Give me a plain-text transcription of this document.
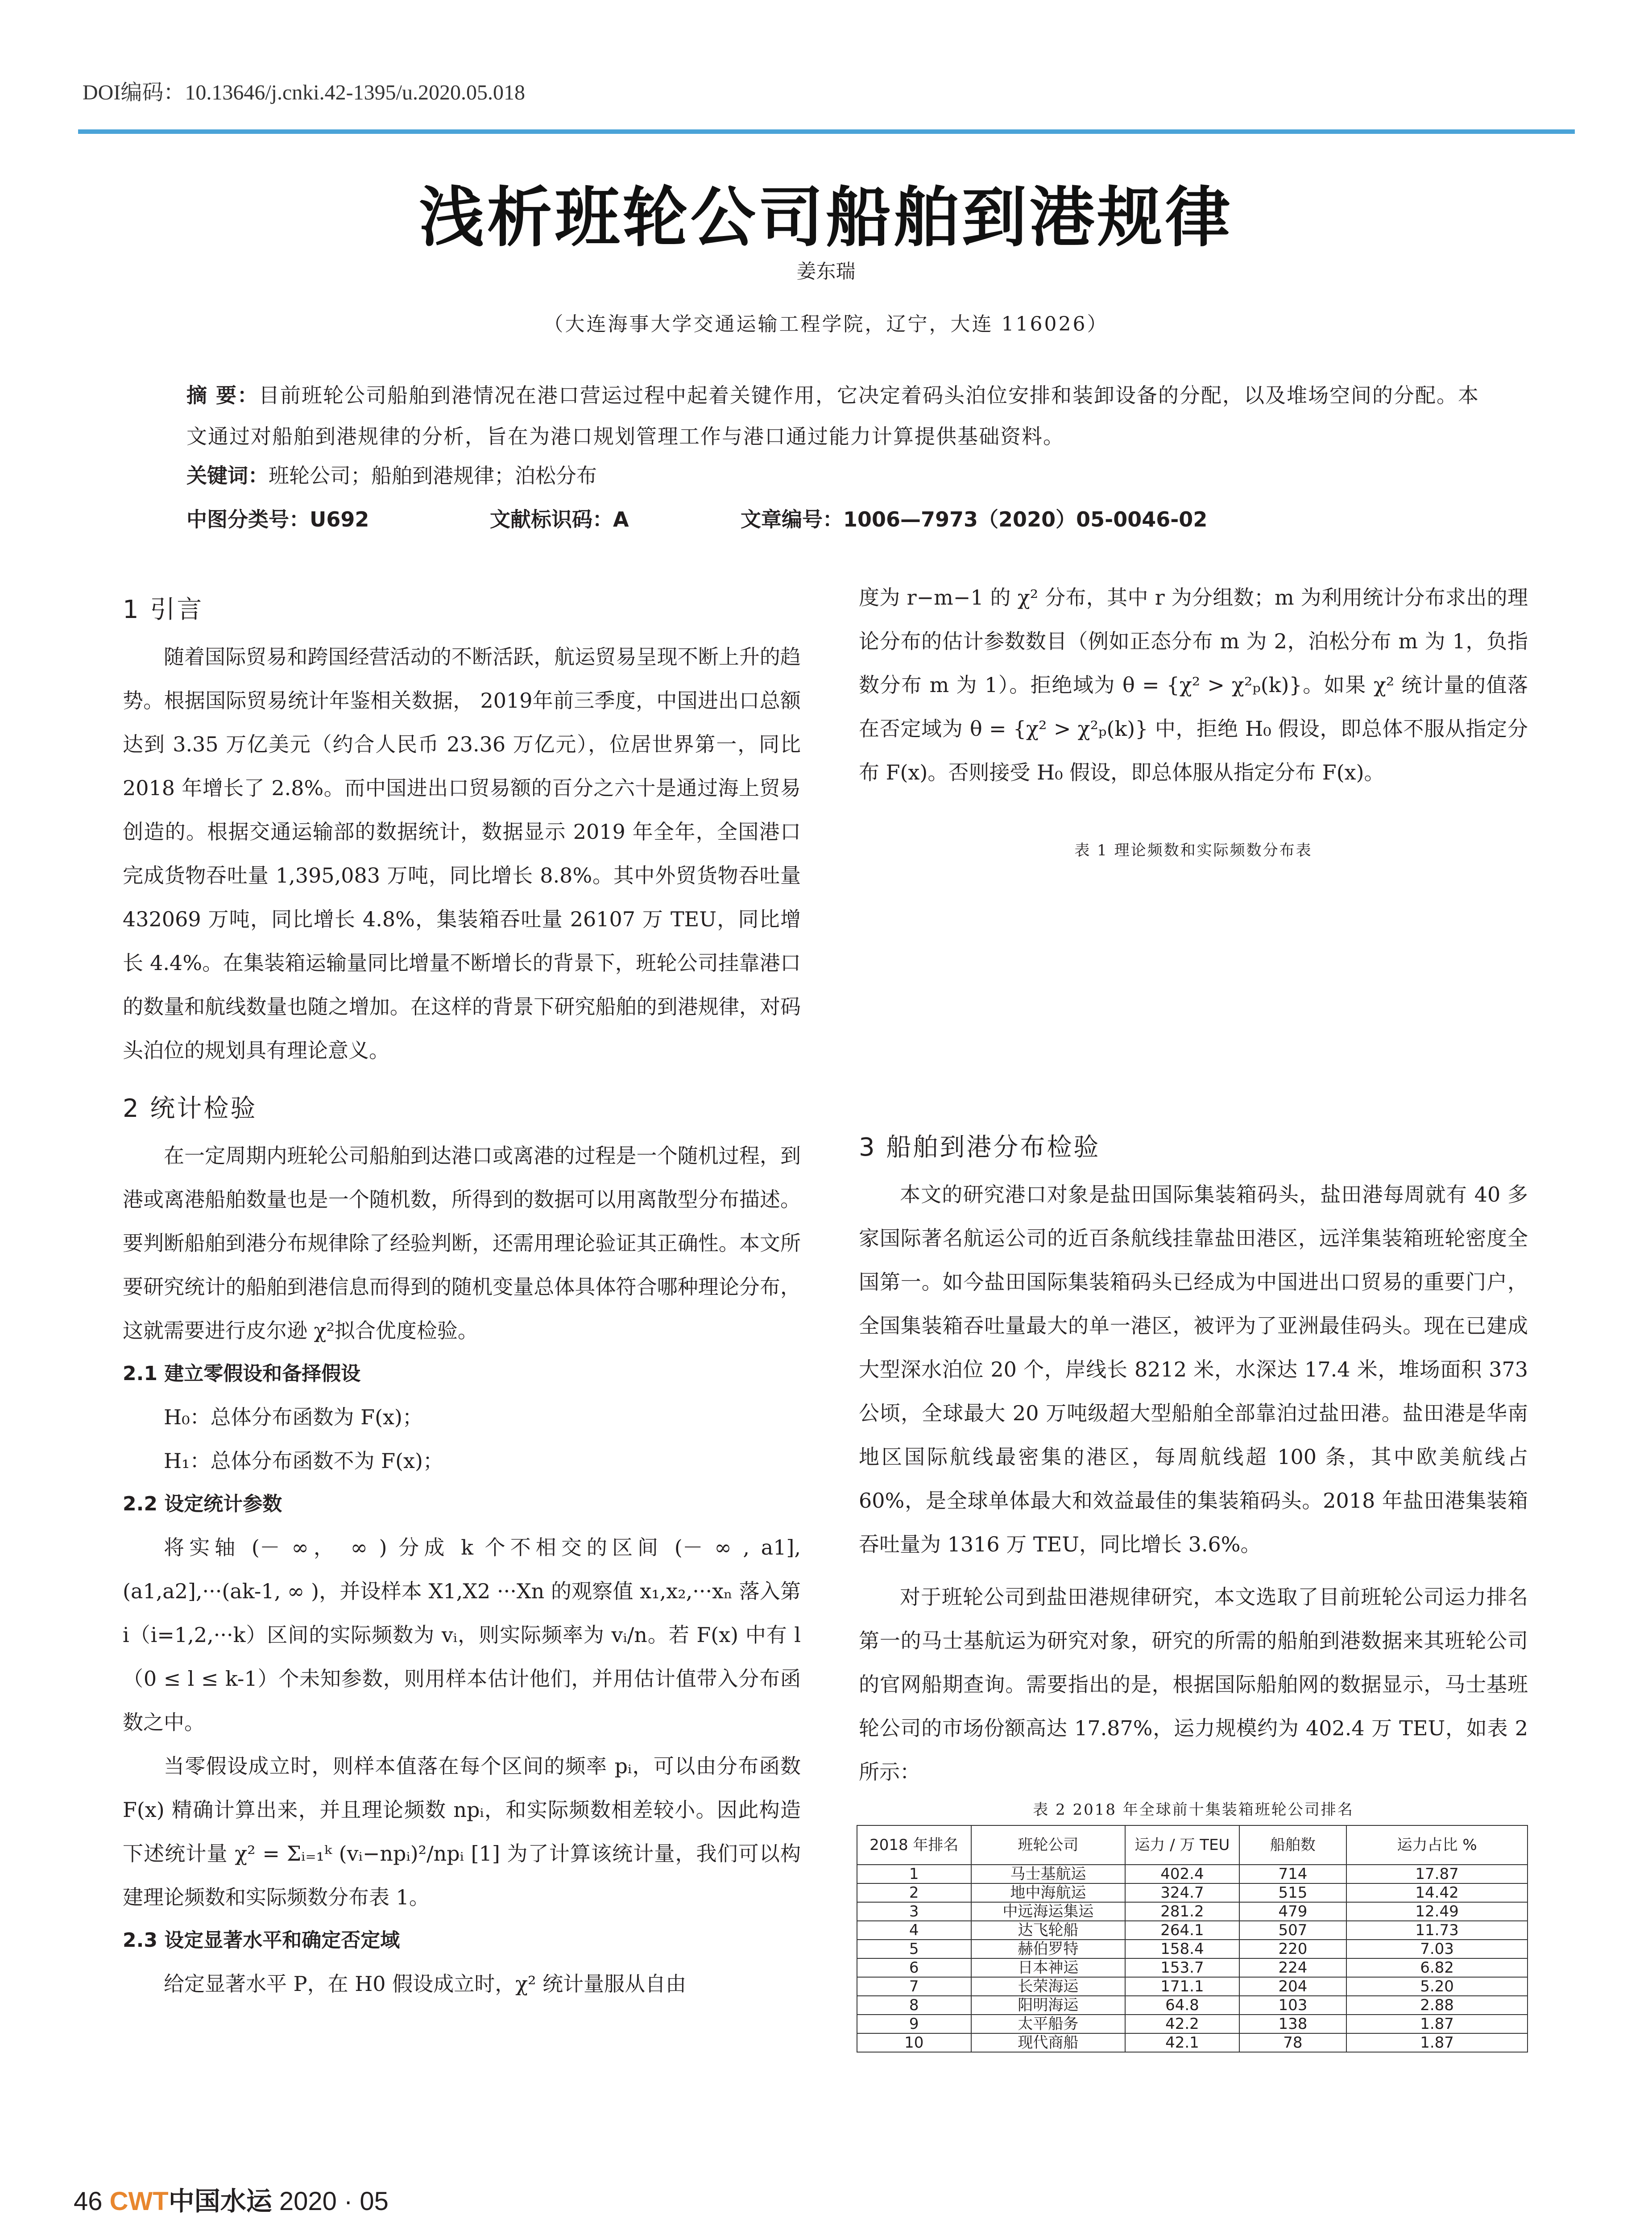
DOI编码：10.13646/j.cnki.42-1395/u.2020.05.018
浅析班轮公司船舶到港规律
姜东瑞
（大连海事大学交通运输工程学院，辽宁，大连 116026）
摘 要：目前班轮公司船舶到港情况在港口营运过程中起着关键作用，它决定着码头泊位安排和装卸设备的分配，以及堆场空间的分配。本文通过对船舶到港规律的分析，旨在为港口规划管理工作与港口通过能力计算提供基础资料。
关键词：班轮公司；船舶到港规律；泊松分布
中图分类号：U692	文献标识码：A	文章编号：1006—7973（2020）05-0046-02
1 引言

随着国际贸易和跨国经营活动的不断活跃，航运贸易呈现不断上升的趋势。根据国际贸易统计年鉴相关数据， 2019年前三季度，中国进出口总额达到 3.35 万亿美元（约合人民币 23.36 万亿元），位居世界第一，同比 2018 年增长了 2.8%。而中国进出口贸易额的百分之六十是通过海上贸易创造的。根据交通运输部的数据统计，数据显示 2019 年全年，全国港口完成货物吞吐量 1,395,083 万吨，同比增长 8.8%。其中外贸货物吞吐量 432069 万吨，同比增长 4.8%，集装箱吞吐量 26107 万 TEU，同比增长 4.4%。在集装箱运输量同比增量不断增长的背景下，班轮公司挂靠港口的数量和航线数量也随之增加。在这样的背景下研究船舶的到港规律，对码头泊位的规划具有理论意义。

2 统计检验

在一定周期内班轮公司船舶到达港口或离港的过程是一个随机过程，到港或离港船舶数量也是一个随机数，所得到的数据可以用离散型分布描述。要判断船舶到港分布规律除了经验判断，还需用理论验证其正确性。本文所要研究统计的船舶到港信息而得到的随机变量总体具体符合哪种理论分布，这就需要进行皮尔逊 χ²拟合优度检验。

2.1 建立零假设和备择假设

H₀：总体分布函数为 F(x)；

H₁：总体分布函数不为 F(x)；

2.2 设定统计参数

将实轴 (－ ∞， ∞ ) 分成 k 个不相交的区间 (－ ∞ , a1], (a1,a2],···(ak-1, ∞ )，并设样本 X1,X2 ···Xn 的观察值 x₁,x₂,···xₙ 落入第 i（i=1,2,···k）区间的实际频数为 vᵢ，则实际频率为 vᵢ/n。若 F(x) 中有 l（0 ≤ l ≤ k-1）个未知参数，则用样本估计他们，并用估计值带入分布函数之中。

当零假设成立时，则样本值落在每个区间的频率 pᵢ，可以由分布函数 F(x) 精确计算出来，并且理论频数 npᵢ，和实际频数相差较小。因此构造下述统计量 χ² = Σᵢ₌₁ᵏ (vᵢ−npᵢ)²/npᵢ [1] 为了计算该统计量，我们可以构建理论频数和实际频数分布表 1。

2.3 设定显著水平和确定否定域

给定显著水平 P，在 H0 假设成立时，χ² 统计量服从自由

度为 r−m−1 的 χ² 分布，其中 r 为分组数；m 为利用统计分布求出的理论分布的估计参数数目（例如正态分布 m 为 2，泊松分布 m 为 1，负指数分布 m 为 1）。拒绝域为 θ = {χ² > χ²ₚ(k)}。如果 χ² 统计量的值落在否定域为 θ = {χ² > χ²ₚ(k)} 中，拒绝 H₀ 假设，即总体不服从指定分布 F(x)。否则接受 H₀ 假设，即总体服从指定分布 F(x)。

表 1 理论频数和实际频数分布表
3 船舶到港分布检验

本文的研究港口对象是盐田国际集装箱码头，盐田港每周就有 40 多家国际著名航运公司的近百条航线挂靠盐田港区，远洋集装箱班轮密度全国第一。如今盐田国际集装箱码头已经成为中国进出口贸易的重要门户，全国集装箱吞吐量最大的单一港区，被评为了亚洲最佳码头。现在已建成大型深水泊位 20 个，岸线长 8212 米，水深达 17.4 米，堆场面积 373 公顷，全球最大 20 万吨级超大型船舶全部靠泊过盐田港。盐田港是华南地区国际航线最密集的港区，每周航线超 100 条，其中欧美航线占 60%，是全球单体最大和效益最佳的集装箱码头。2018 年盐田港集装箱吞吐量为 1316 万 TEU，同比增长 3.6%。

对于班轮公司到盐田港规律研究，本文选取了目前班轮公司运力排名第一的马士基航运为研究对象，研究的所需的船舶到港数据来其班轮公司的官网船期查询。需要指出的是，根据国际船舶网的数据显示，马士基班轮公司的市场份额高达 17.87%，运力规模约为 402.4 万 TEU，如表 2 所示：

表 2 2018 年全球前十集装箱班轮公司排名
2018 年排名	班轮公司	运力 / 万 TEU	船舶数	运力占比 %
1	马士基航运	402.4	714	17.87
2	地中海航运	324.7	515	14.42
3	中远海运集运	281.2	479	12.49
4	达飞轮船	264.1	507	11.73
5	赫伯罗特	158.4	220	7.03
6	日本神运	153.7	224	6.82
7	长荣海运	171.1	204	5.20
8	阳明海运	64.8	103	2.88
9	太平船务	42.2	138	1.87
10	现代商船	42.1	78	1.87
46 CWT中国水运 2020 · 05
